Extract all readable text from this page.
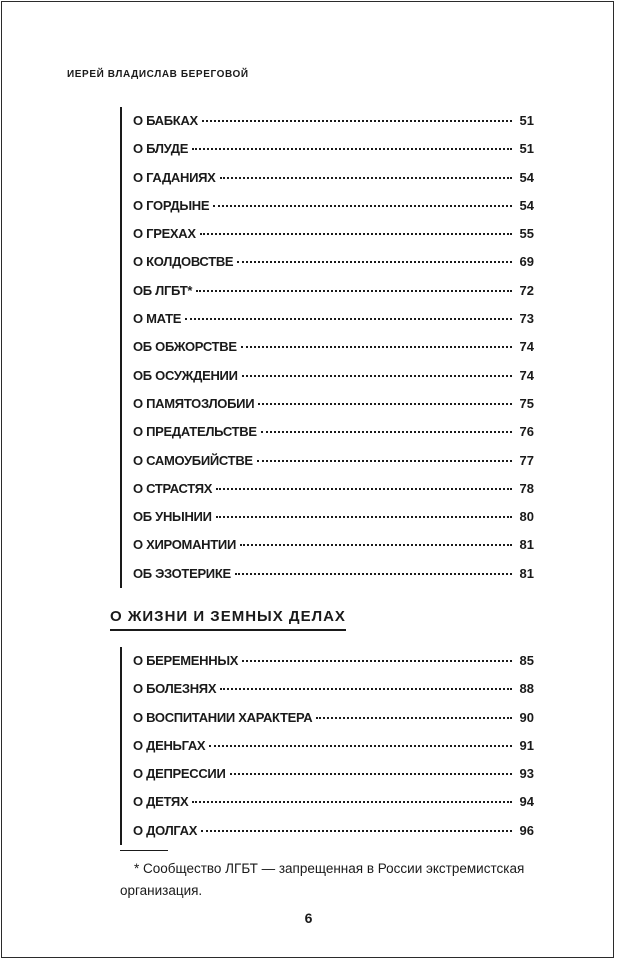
ИЕРЕЙ ВЛАДИСЛАВ БЕРЕГОВОЙ
О БАБКАХ	51
О БЛУДЕ	51
О ГАДАНИЯХ	54
О ГОРДЫНЕ	54
О ГРЕХАХ	55
О КОЛДОВСТВЕ	69
ОБ ЛГБТ*	72
О МАТЕ	73
ОБ ОБЖОРСТВЕ	74
ОБ ОСУЖДЕНИИ	74
О ПАМЯТОЗЛОБИИ	75
О ПРЕДАТЕЛЬСТВЕ	76
О САМОУБИЙСТВЕ	77
О СТРАСТЯХ	78
ОБ УНЫНИИ	80
О ХИРОМАНТИИ	81
ОБ ЭЗОТЕРИКЕ	81
О ЖИЗНИ И ЗЕМНЫХ ДЕЛАХ
О БЕРЕМЕННЫХ	85
О БОЛЕЗНЯХ	88
О ВОСПИТАНИИ ХАРАКТЕРА	90
О ДЕНЬГАХ	91
О ДЕПРЕССИИ	93
О ДЕТЯХ	94
О ДОЛГАХ	96
* Сообщество ЛГБТ — запрещенная в России экстремистская организация.
6
